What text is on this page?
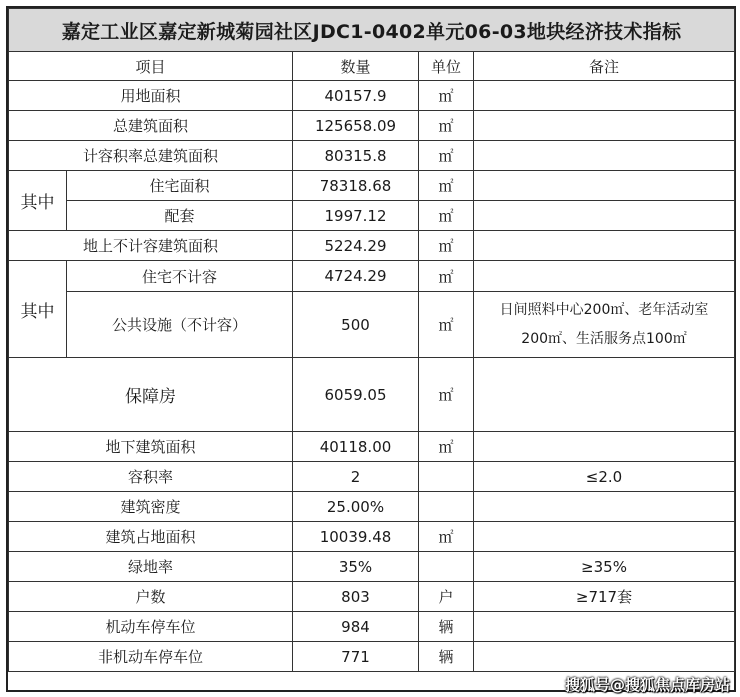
嘉定工业区嘉定新城菊园社区JDC1-0402单元06-03地块经济技术指标				
项目		数量	单位	备注
用地面积		40157.9	㎡	
总建筑面积		125658.09	㎡	
计容积率总建筑面积		80315.8	㎡	
其中	住宅面积	78318.68	㎡	
	配套	1997.12	㎡	
地上不计容建筑面积		5224.29	㎡	
其中	住宅不计容	4724.29	㎡	
	公共设施（不计容）	500	㎡	日间照料中心200㎡、老年活动室
200㎡、生活服务点100㎡

保障房		6059.05	㎡	
地下建筑面积		40118.00	㎡	
容积率		2		≤2.0
建筑密度		25.00%		
建筑占地面积		10039.48	㎡	
绿地率		35%		≥35%
户数		803	户	≥717套
机动车停车位		984	辆	
非机动车停车位		771	辆	
搜狐号@搜狐焦点库房站
